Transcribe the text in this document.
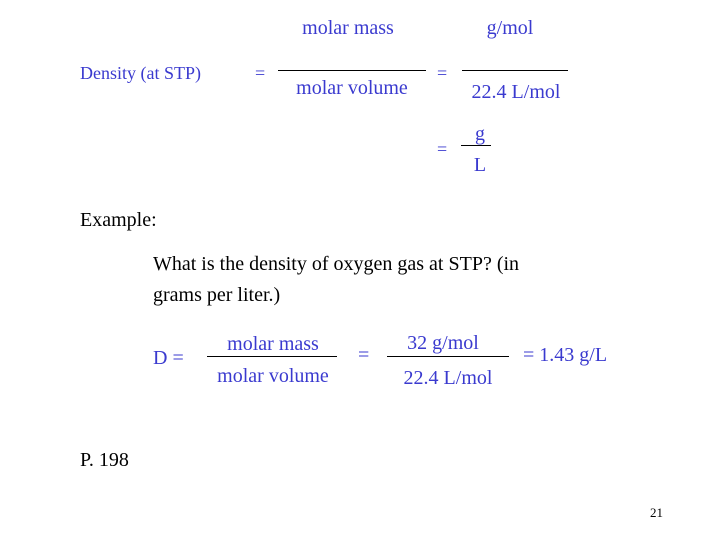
Density (at STP)	=
molar mass
molar volume
=
g/mol
22.4 L/mol
=
g
L
Example:
What is the density of oxygen gas at STP? (in
grams per liter.)
D =
molar mass
molar volume
=
32 g/mol
22.4 L/mol
= 1.43 g/L
P. 198
21
